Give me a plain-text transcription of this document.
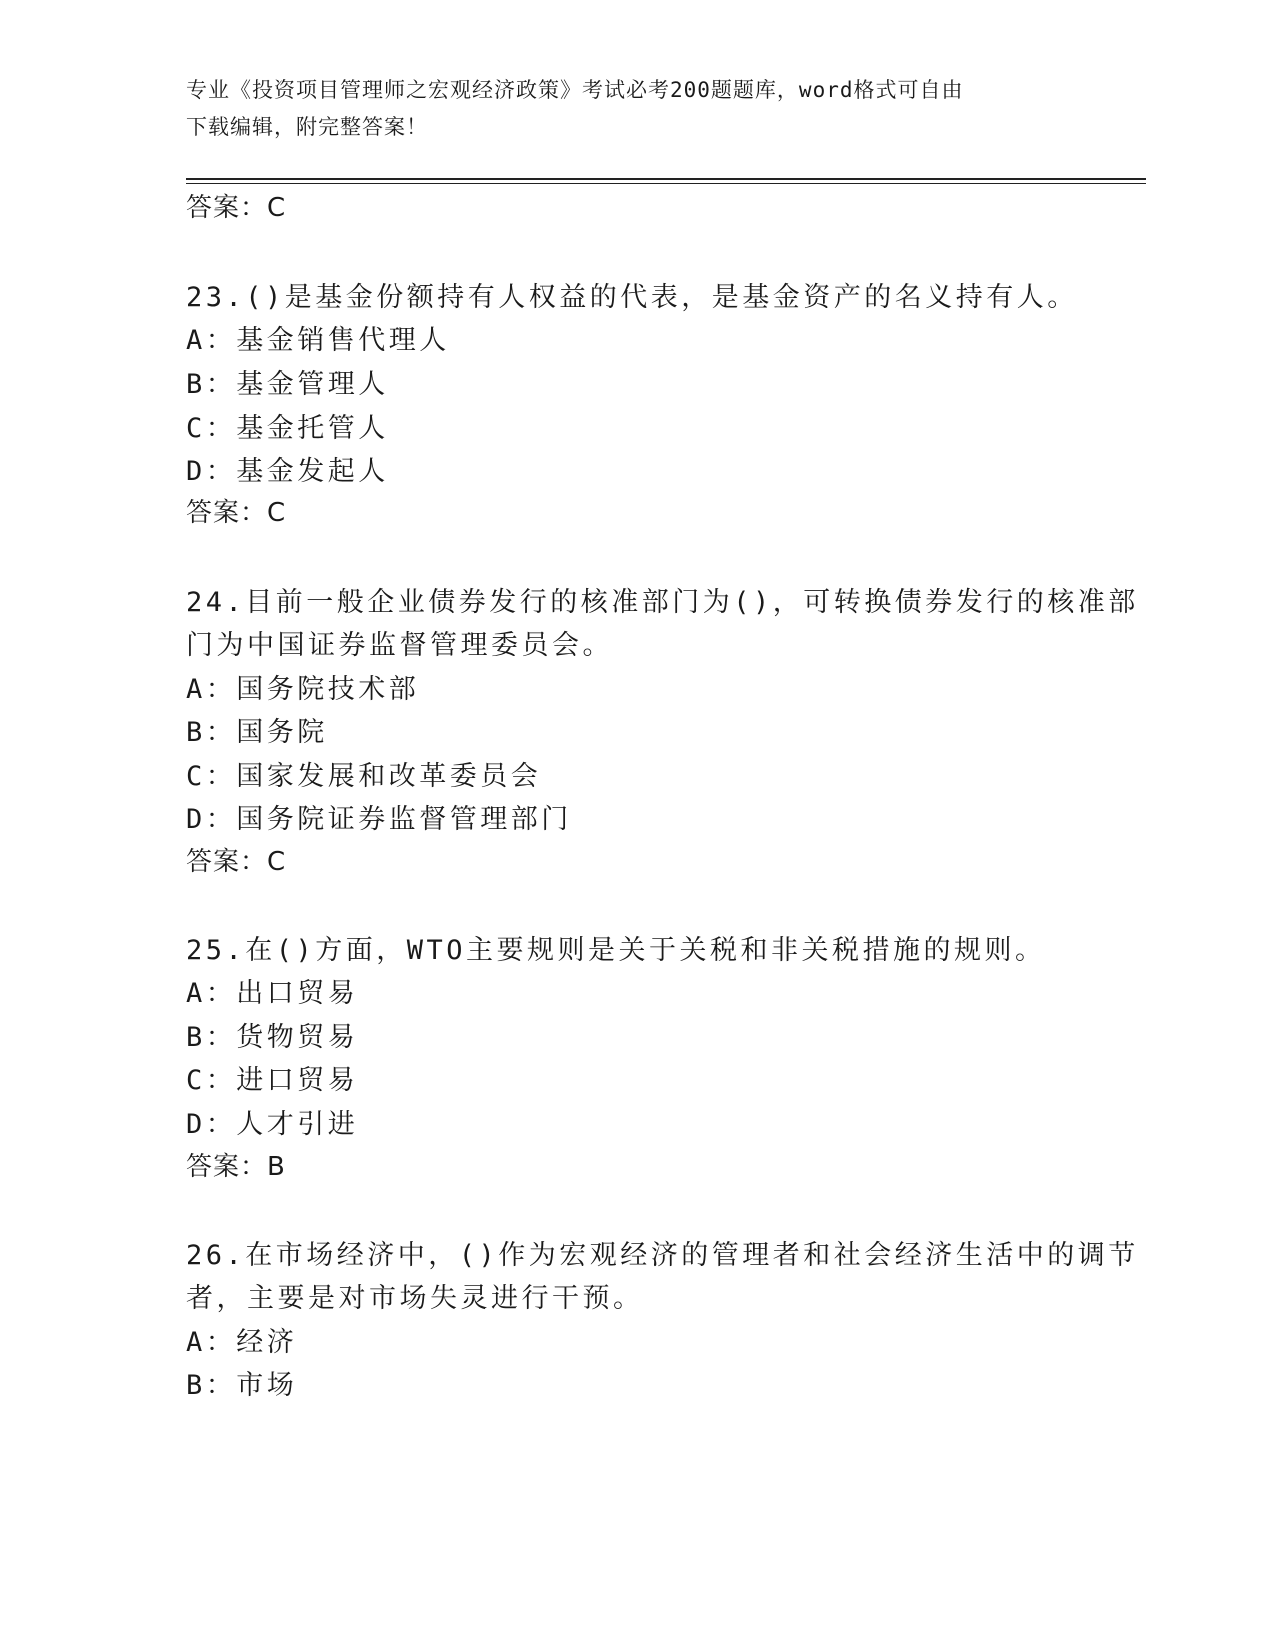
专业《投资项目管理师之宏观经济政策》考试必考200题题库，word格式可自由
下载编辑，附完整答案！
答案：C
23.()是基金份额持有人权益的代表，是基金资产的名义持有人。
A：基金销售代理人
B：基金管理人
C：基金托管人
D：基金发起人
答案：C
24.目前一般企业债券发行的核准部门为()，可转换债券发行的核准部
门为中国证券监督管理委员会。
A：国务院技术部
B：国务院
C：国家发展和改革委员会
D：国务院证券监督管理部门
答案：C
25.在()方面，WTO主要规则是关于关税和非关税措施的规则。
A：出口贸易
B：货物贸易
C：进口贸易
D：人才引进
答案：B
26.在市场经济中，()作为宏观经济的管理者和社会经济生活中的调节
者，主要是对市场失灵进行干预。
A：经济
B：市场
